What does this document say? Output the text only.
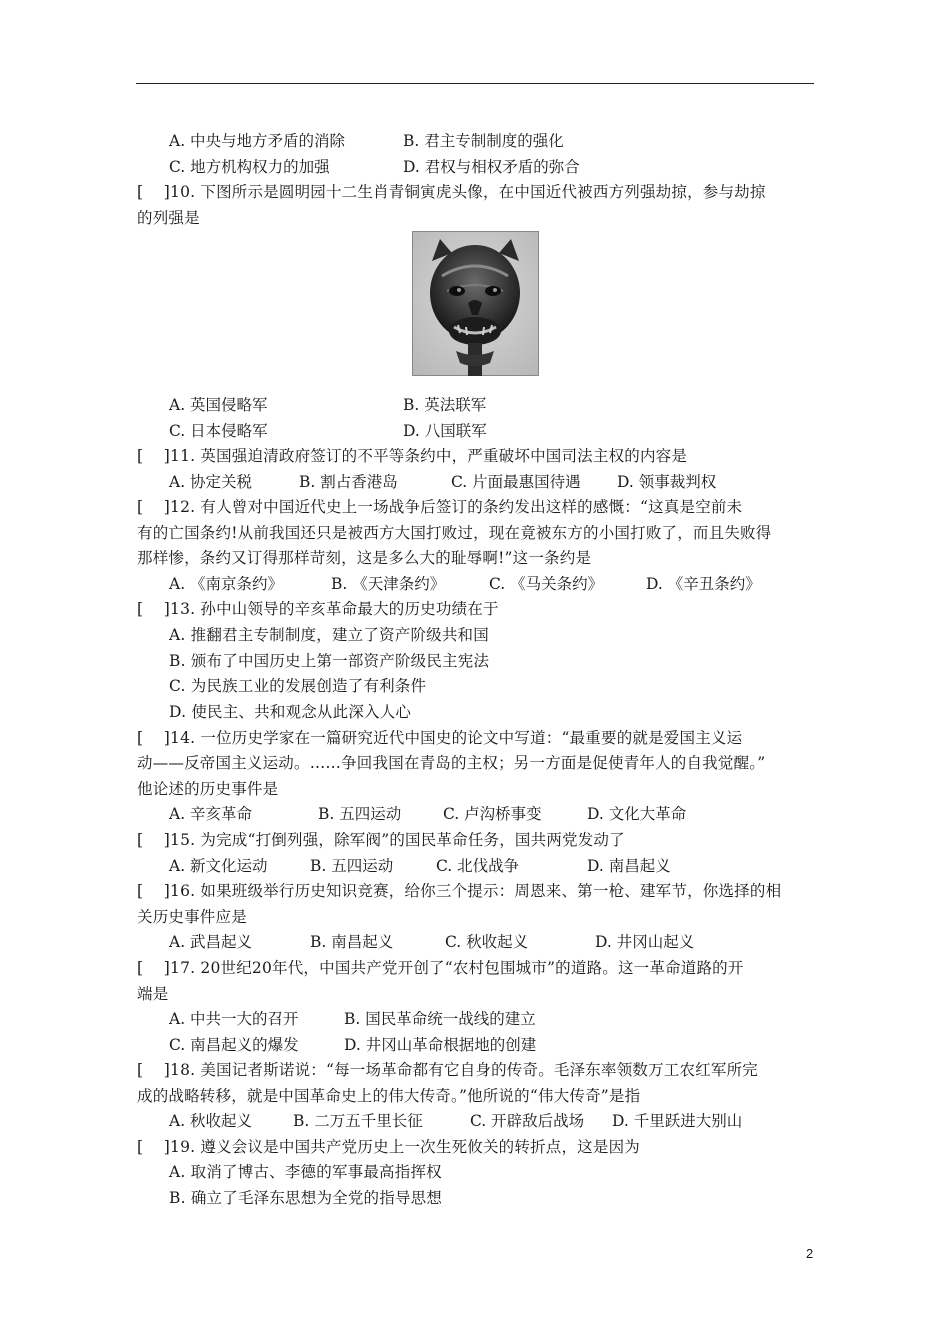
A. 中央与地方矛盾的消除	B. 君主专制制度的强化
C. 地方机构权力的加强	D. 君权与相权矛盾的弥合
[    ]10. 下图所示是圆明园十二生肖青铜寅虎头像，在中国近代被西方列强劫掠，参与劫掠
的列强是
A. 英国侵略军	B. 英法联军
C. 日本侵略军	D. 八国联军
[    ]11. 英国强迫清政府签订的不平等条约中，严重破坏中国司法主权的内容是
A. 协定关税	B. 割占香港岛	C. 片面最惠国待遇 D. 领事裁判权
[    ]12. 有人曾对中国近代史上一场战争后签订的条约发出这样的感慨：“这真是空前未
有的亡国条约!从前我国还只是被西方大国打败过，现在竟被东方的小国打败了，而且失败得
那样惨，条约又订得那样苛刻，这是多么大的耻辱啊!”这一条约是
A. 《南京条约》	B. 《天津条约》	C. 《马关条约》	D. 《辛丑条约》
[    ]13. 孙中山领导的辛亥革命最大的历史功绩在于
A. 推翻君主专制制度，建立了资产阶级共和国
B. 颁布了中国历史上第一部资产阶级民主宪法
C. 为民族工业的发展创造了有利条件
D. 使民主、共和观念从此深入人心
[    ]14. 一位历史学家在一篇研究近代中国史的论文中写道：“最重要的就是爱国主义运
动——反帝国主义运动。……争回我国在青岛的主权；另一方面是促使青年人的自我觉醒。”
他论述的历史事件是
A. 辛亥革命	B. 五四运动	C. 卢沟桥事变	D. 文化大革命
[    ]15. 为完成“打倒列强，除军阀”的国民革命任务，国共两党发动了
A. 新文化运动	B. 五四运动	C. 北伐战争	D. 南昌起义
[    ]16. 如果班级举行历史知识竞赛，给你三个提示：周恩来、第一枪、建军节，你选择的相
关历史事件应是
A. 武昌起义	B. 南昌起义	C. 秋收起义	D. 井冈山起义
[    ]17. 20世纪20年代，中国共产党开创了“农村包围城市”的道路。这一革命道路的开
端是
A. 中共一大的召开	B. 国民革命统一战线的建立
C. 南昌起义的爆发	D. 井冈山革命根据地的创建
[    ]18. 美国记者斯诺说：“每一场革命都有它自身的传奇。毛泽东率领数万工农红军所完
成的战略转移，就是中国革命史上的伟大传奇。”他所说的“伟大传奇”是指
A. 秋收起义	B. 二万五千里长征	C. 开辟敌后战场 D. 千里跃进大别山
[    ]19. 遵义会议是中国共产党历史上一次生死攸关的转折点，这是因为
A. 取消了博古、李德的军事最高指挥权
B. 确立了毛泽东思想为全党的指导思想
2
